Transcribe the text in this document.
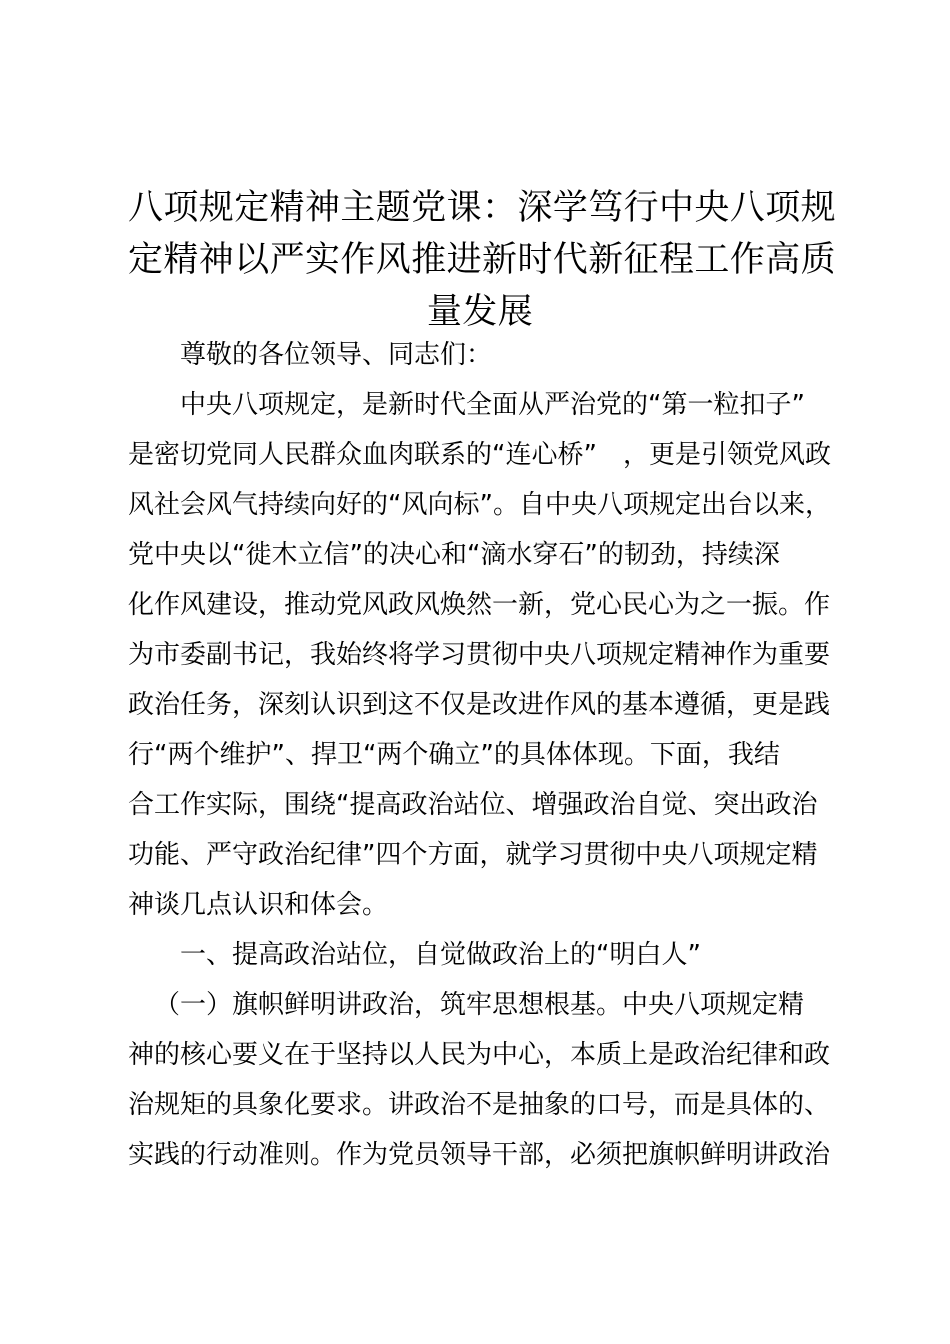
八项规定精神主题党课：深学笃行中央八项规
定精神以严实作风推进新时代新征程工作高质
量发展

尊敬的各位领导、同志们：

中央八项规定，是新时代全面从严治党的“第一粒扣子”
是密切党同人民群众血肉联系的“连心桥”　，更是引领党风政
风社会风气持续向好的“风向标”。自中央八项规定出台以来，
党中央以“徙木立信”的决心和“滴水穿石”的韧劲，持续深
化作风建设，推动党风政风焕然一新，党心民心为之一振。作
为市委副书记，我始终将学习贯彻中央八项规定精神作为重要
政治任务，深刻认识到这不仅是改进作风的基本遵循，更是践
行“两个维护”、捍卫“两个确立”的具体体现。下面，我结
合工作实际，围绕“提高政治站位、增强政治自觉、突出政治
功能、严守政治纪律”四个方面，就学习贯彻中央八项规定精
神谈几点认识和体会。

一、提高政治站位，自觉做政治上的“明白人”

（一）旗帜鲜明讲政治，筑牢思想根基。中央八项规定精
神的核心要义在于坚持以人民为中心，本质上是政治纪律和政
治规矩的具象化要求。讲政治不是抽象的口号，而是具体的、
实践的行动准则。作为党员领导干部，必须把旗帜鲜明讲政治
